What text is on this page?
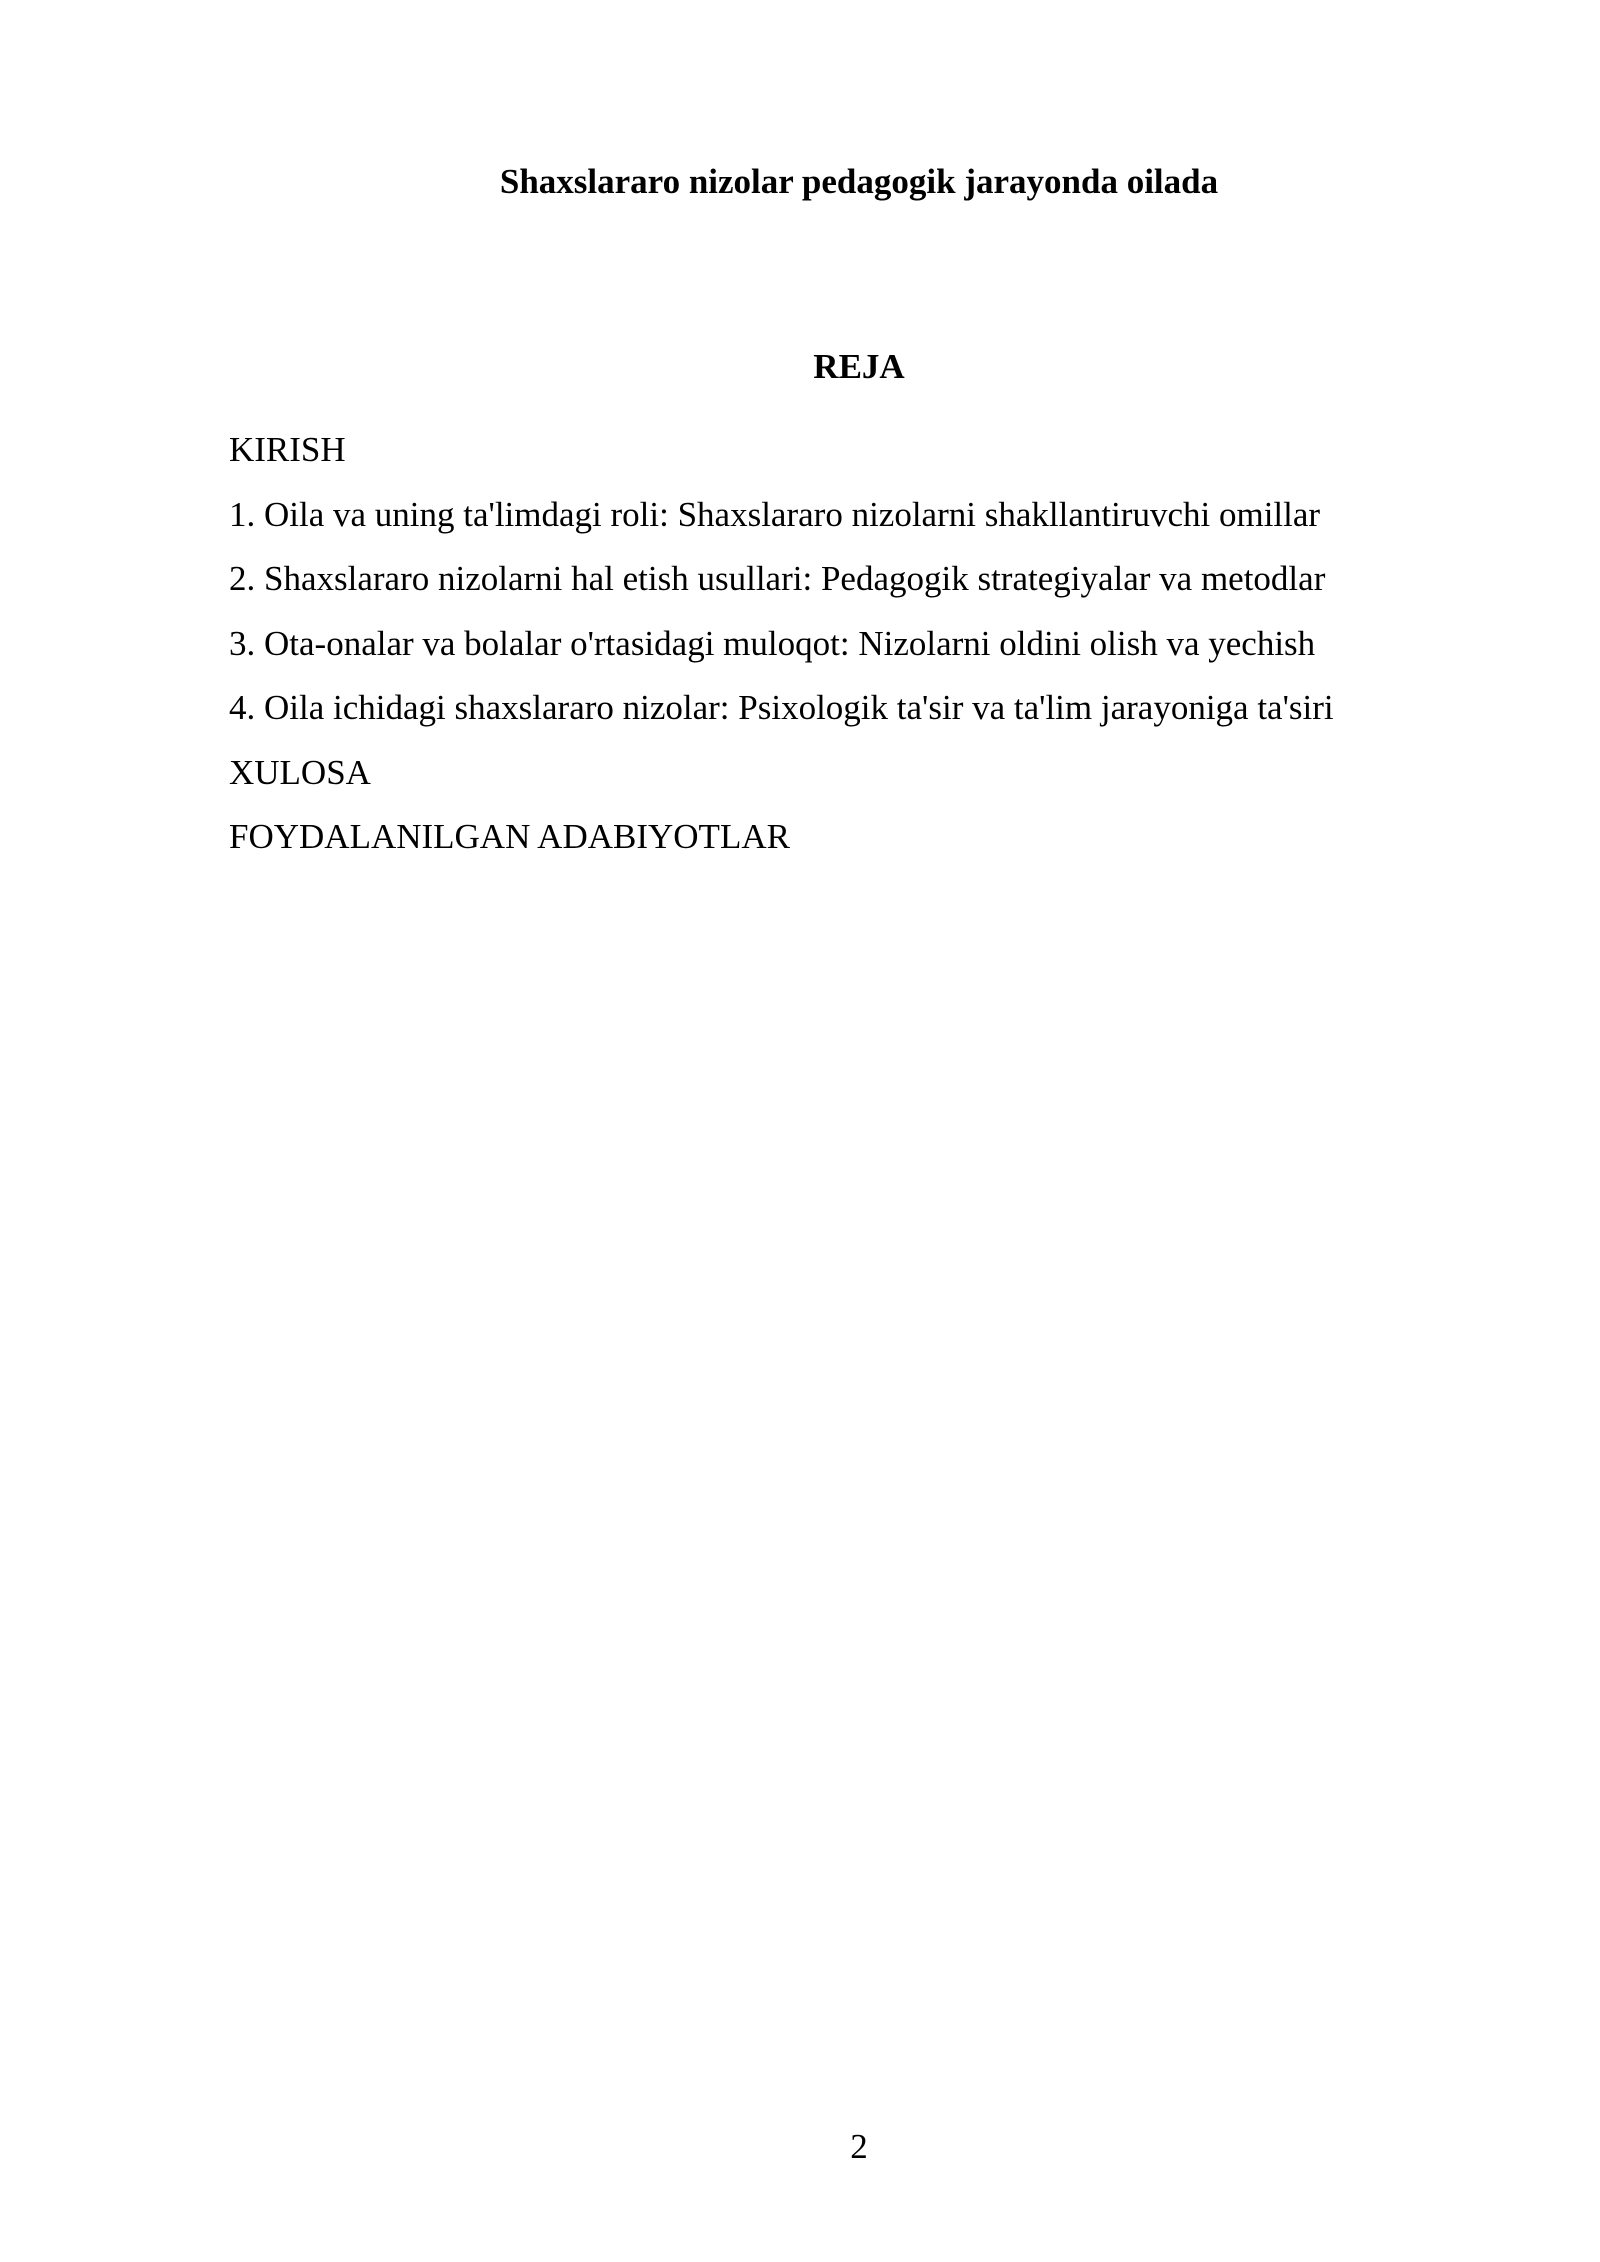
Shaxslararo nizolar pedagogik jarayonda oilada
REJA
KIRISH
1. Oila va uning ta'limdagi roli: Shaxslararo nizolarni shakllantiruvchi omillar
2. Shaxslararo nizolarni hal etish usullari: Pedagogik strategiyalar va metodlar
3. Ota-onalar va bolalar o'rtasidagi muloqot: Nizolarni oldini olish va yechish
4. Oila ichidagi shaxslararo nizolar: Psixologik ta'sir va ta'lim jarayoniga ta'siri
XULOSA
FOYDALANILGAN ADABIYOTLAR
2
